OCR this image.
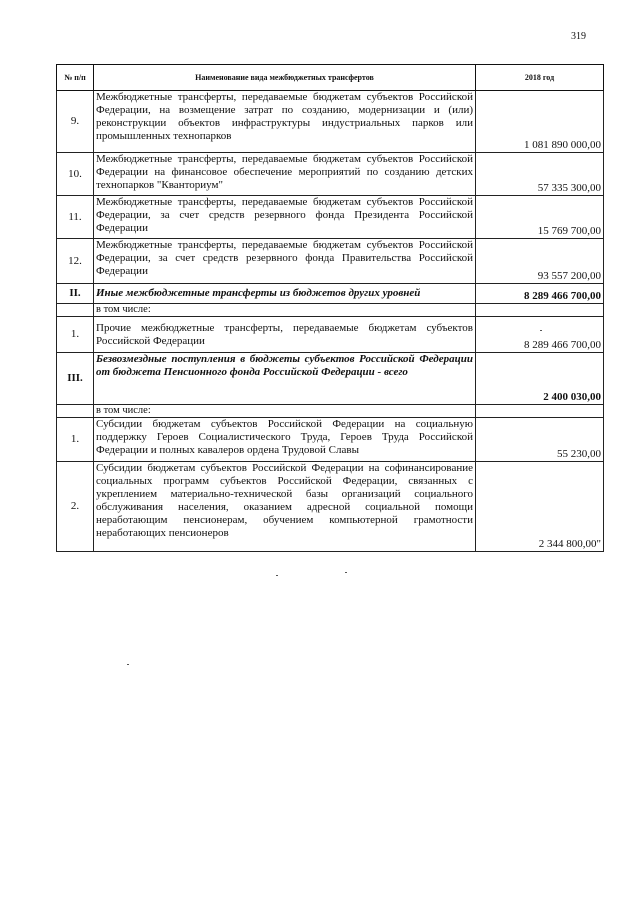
319
№ п/п	Наименование вида межбюджетных трансфертов	2018 год
9.	Межбюджетные трансферты, передаваемые бюджетам субъектов Российской Федерации, на возмещение затрат по созданию, модернизации и (или) реконструкции объектов инфраструктуры индустриальных парков или промышленных технопарков	1 081 890 000,00
10.	Межбюджетные трансферты, передаваемые бюджетам субъектов Российской Федерации на финансовое обеспечение мероприятий по созданию детских технопарков "Кванториум"	57 335 300,00
11.	Межбюджетные трансферты, передаваемые бюджетам субъектов Российской Федерации, за счет средств резервного фонда Президента Российской Федерации	15 769 700,00
12.	Межбюджетные трансферты, передаваемые бюджетам субъектов Российской Федерации, за счет средств резервного фонда Правительства Российской Федерации	93 557 200,00
II.	Иные межбюджетные трансферты из бюджетов других уровней	8 289 466 700,00
	в том числе:	
1.	Прочие межбюджетные трансферты, передаваемые бюджетам субъектов Российской Федерации	8 289 466 700,00
III.	Безвозмездные поступления в бюджеты субъектов Российской Федерации от бюджета Пенсионного фонда Российской Федерации - всего	2 400 030,00
	в том числе:	
1.	Субсидии бюджетам субъектов Российской Федерации на социальную поддержку Героев Социалистического Труда, Героев Труда Российской Федерации и полных кавалеров ордена Трудовой Славы	55 230,00
2.	Субсидии бюджетам субъектов Российской Федерации на софинансирование социальных программ субъектов Российской Федерации, связанных с укреплением материально-технической базы организаций социального обслуживания населения, оказанием адресной социальной помощи неработающим пенсионерам, обучением компьютерной грамотности неработающих пенсионеров	2 344 800,00"
